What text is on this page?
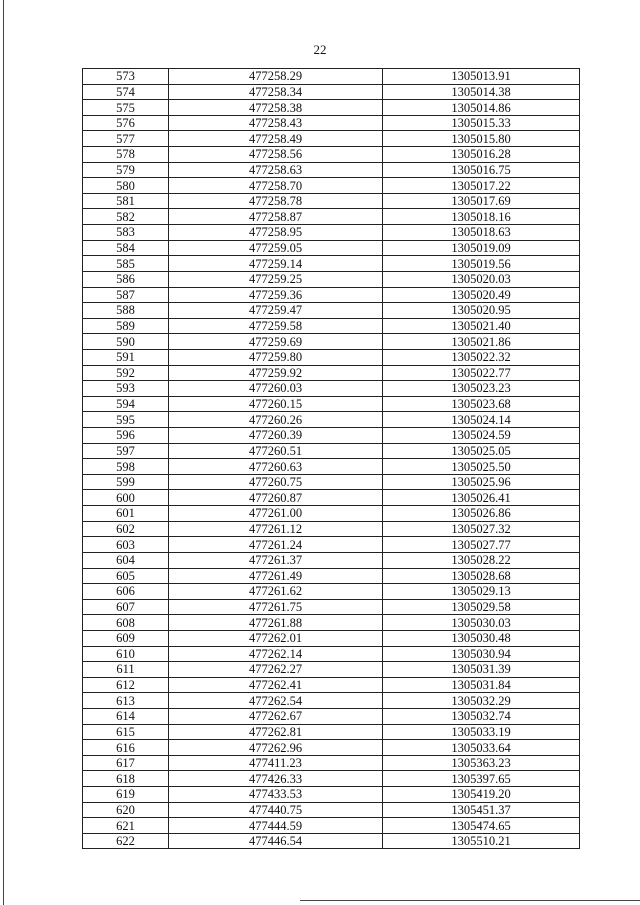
22
573	477258.29	1305013.91
574	477258.34	1305014.38
575	477258.38	1305014.86
576	477258.43	1305015.33
577	477258.49	1305015.80
578	477258.56	1305016.28
579	477258.63	1305016.75
580	477258.70	1305017.22
581	477258.78	1305017.69
582	477258.87	1305018.16
583	477258.95	1305018.63
584	477259.05	1305019.09
585	477259.14	1305019.56
586	477259.25	1305020.03
587	477259.36	1305020.49
588	477259.47	1305020.95
589	477259.58	1305021.40
590	477259.69	1305021.86
591	477259.80	1305022.32
592	477259.92	1305022.77
593	477260.03	1305023.23
594	477260.15	1305023.68
595	477260.26	1305024.14
596	477260.39	1305024.59
597	477260.51	1305025.05
598	477260.63	1305025.50
599	477260.75	1305025.96
600	477260.87	1305026.41
601	477261.00	1305026.86
602	477261.12	1305027.32
603	477261.24	1305027.77
604	477261.37	1305028.22
605	477261.49	1305028.68
606	477261.62	1305029.13
607	477261.75	1305029.58
608	477261.88	1305030.03
609	477262.01	1305030.48
610	477262.14	1305030.94
611	477262.27	1305031.39
612	477262.41	1305031.84
613	477262.54	1305032.29
614	477262.67	1305032.74
615	477262.81	1305033.19
616	477262.96	1305033.64
617	477411.23	1305363.23
618	477426.33	1305397.65
619	477433.53	1305419.20
620	477440.75	1305451.37
621	477444.59	1305474.65
622	477446.54	1305510.21
